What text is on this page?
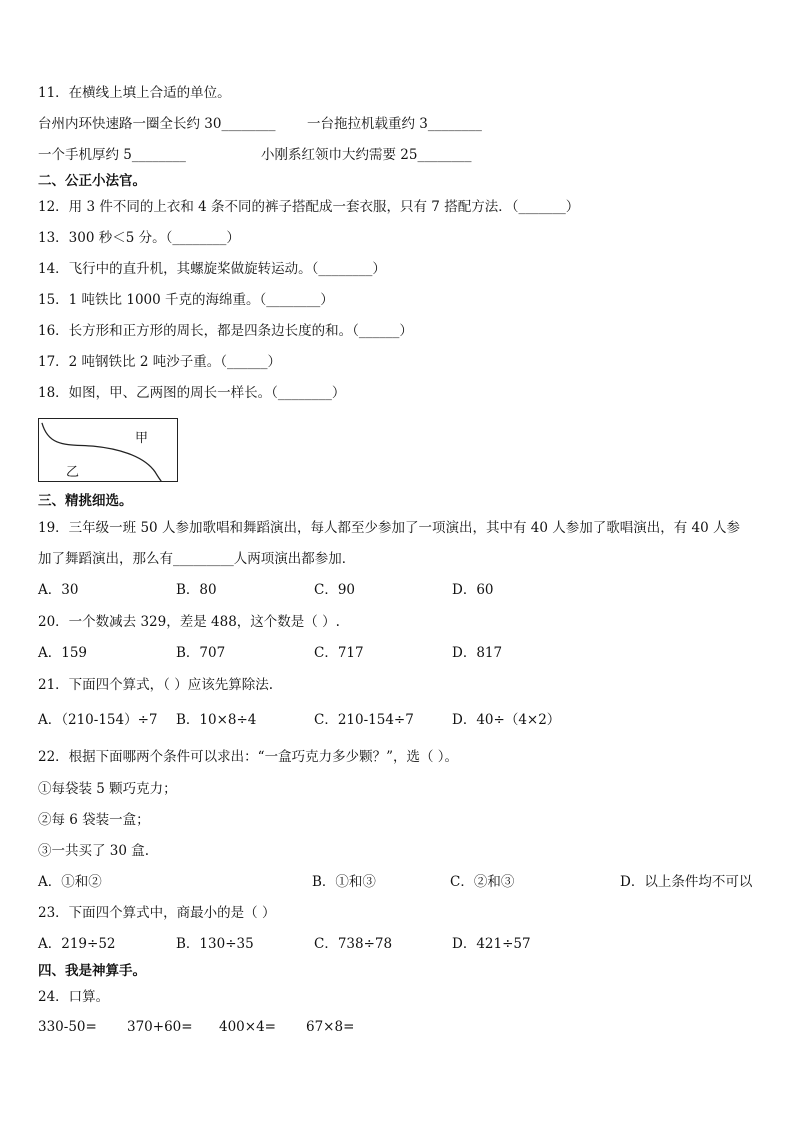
11．在横线上填上合适的单位。
台州内环快速路一圈全长约 30________ 一台拖拉机载重约 3________
一个手机厚约 5________	小刚系红领巾大约需要 25________
二、公正小法官。
12．用 3 件不同的上衣和 4 条不同的裤子搭配成一套衣服，只有 7 搭配方法．（_______）
13．300 秒＜5 分。（________）
14．飞行中的直升机，其螺旋桨做旋转运动。（________）
15．1 吨铁比 1000 千克的海绵重。（________）
16．长方形和正方形的周长，都是四条边长度的和。（______）
17．2 吨钢铁比 2 吨沙子重。（______）
18．如图，甲、乙两图的周长一样长。（________）
甲
乙
三、精挑细选。
19．三年级一班 50 人参加歌唱和舞蹈演出，每人都至少参加了一项演出，其中有 40 人参加了歌唱演出，有 40 人参
加了舞蹈演出，那么有_________人两项演出都参加．
A．30	B．80	C．90	D．60
20．一个数减去 329，差是 488，这个数是（ ）.
A．159	B．707	C．717	D．817
21．下面四个算式，（ ）应该先算除法.
A．（210-154）÷7 B．10×8÷4	C．210-154÷7	D．40÷（4×2）
22．根据下面哪两个条件可以求出：“一盒巧克力多少颗？”，选（ ）。
①每袋装 5 颗巧克力；
②每 6 袋装一盒；
③一共买了 30 盒.
A．①和②	B．①和③	C．②和③	D．以上条件均不可以
23．下面四个算式中，商最小的是（ ）
A．219÷52	B．130÷35	C．738÷78	D．421÷57
四、我是神算手。
24．口算。
330-50= 370+60= 400×4= 67×8=
